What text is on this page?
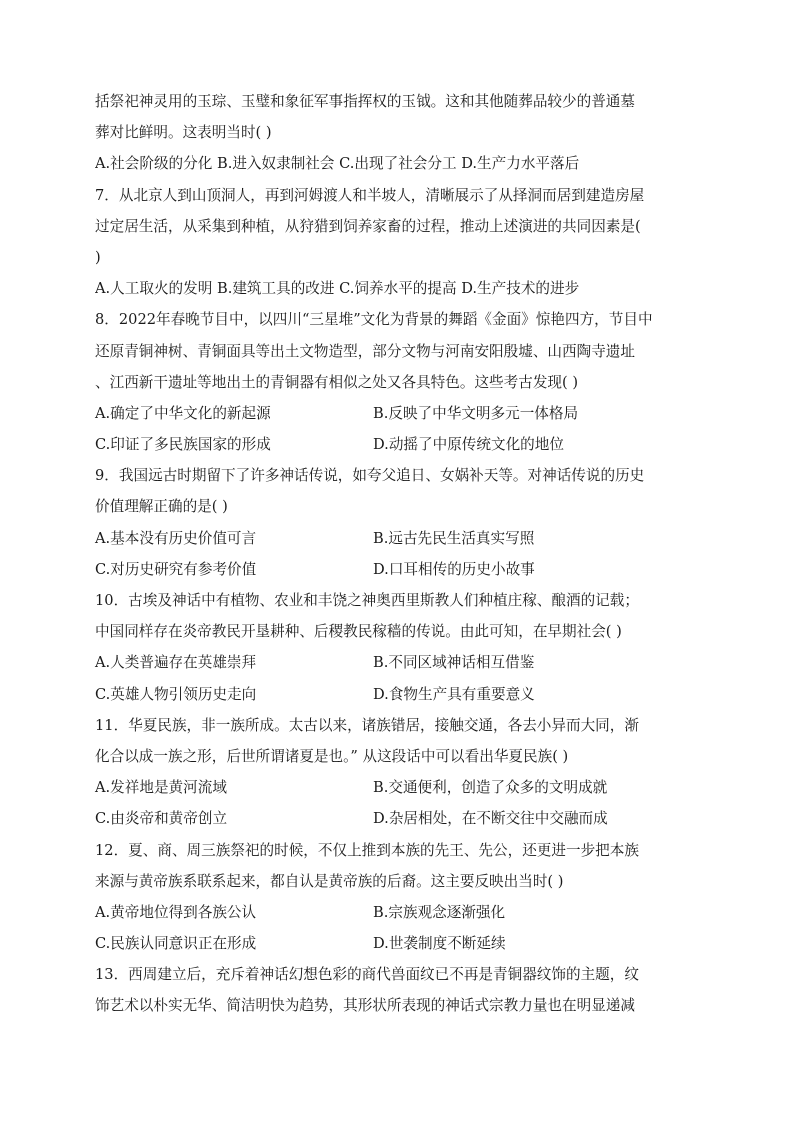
括祭祀神灵用的玉琮、玉璧和象征军事指挥权的玉钺。这和其他随葬品较少的普通墓
葬对比鲜明。这表明当时( )
A.社会阶级的分化 B.进入奴隶制社会 C.出现了社会分工 D.生产力水平落后
7．从北京人到山顶洞人，再到河姆渡人和半坡人，清晰展示了从择洞而居到建造房屋
过定居生活，从采集到种植，从狩猎到饲养家畜的过程，推动上述演进的共同因素是(
)
A.人工取火的发明 B.建筑工具的改进 C.饲养水平的提高 D.生产技术的进步
8．2022年春晚节目中，以四川“三星堆”文化为背景的舞蹈《金面》惊艳四方，节目中
还原青铜神树、青铜面具等出土文物造型，部分文物与河南安阳殷墟、山西陶寺遗址
、江西新干遗址等地出土的青铜器有相似之处又各具特色。这些考古发现( )
A.确定了中华文化的新起源	B.反映了中华文明多元一体格局
C.印证了多民族国家的形成	D.动摇了中原传统文化的地位
9．我国远古时期留下了许多神话传说，如夸父追日、女娲补天等。对神话传说的历史
价值理解正确的是( )
A.基本没有历史价值可言	B.远古先民生活真实写照
C.对历史研究有参考价值	D.口耳相传的历史小故事
10．古埃及神话中有植物、农业和丰饶之神奥西里斯教人们种植庄稼、酿酒的记载；
中国同样存在炎帝教民开垦耕种、后稷教民稼穑的传说。由此可知，在早期社会( )
A.人类普遍存在英雄崇拜	B.不同区域神话相互借鉴
C.英雄人物引领历史走向	D.食物生产具有重要意义
11．华夏民族，非一族所成。太古以来，诸族错居，接触交通，各去小异而大同，渐
化合以成一族之形，后世所谓诸夏是也。” 从这段话中可以看出华夏民族( )
A.发祥地是黄河流域	B.交通便利，创造了众多的文明成就
C.由炎帝和黄帝创立	D.杂居相处，在不断交往中交融而成
12．夏、商、周三族祭祀的时候，不仅上推到本族的先王、先公，还更进一步把本族
来源与黄帝族系联系起来，都自认是黄帝族的后裔。这主要反映出当时( )
A.黄帝地位得到各族公认	B.宗族观念逐渐强化
C.民族认同意识正在形成	D.世袭制度不断延续
13．西周建立后，充斥着神话幻想色彩的商代兽面纹已不再是青铜器纹饰的主题，纹
饰艺术以朴实无华、简洁明快为趋势，其形状所表现的神话式宗教力量也在明显递减
